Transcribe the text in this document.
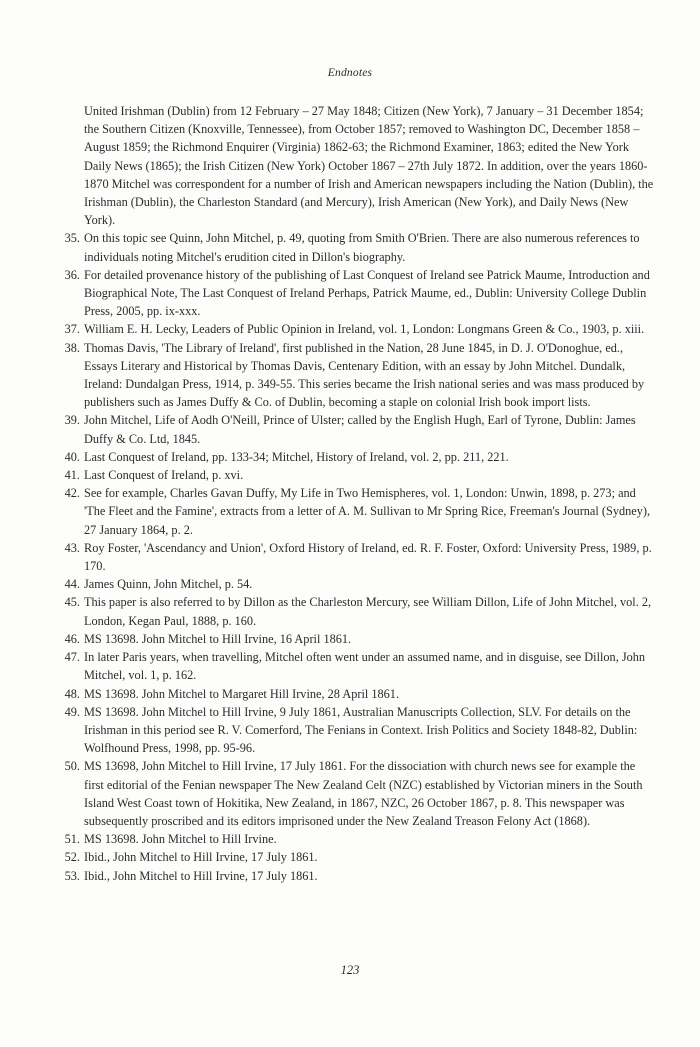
Endnotes
United Irishman (Dublin) from 12 February – 27 May 1848; Citizen (New York), 7 January – 31 December 1854; the Southern Citizen (Knoxville, Tennessee), from October 1857; removed to Washington DC, December 1858 – August 1859; the Richmond Enquirer (Virginia) 1862-63; the Richmond Examiner, 1863; edited the New York Daily News (1865); the Irish Citizen (New York) October 1867 – 27th July 1872. In addition, over the years 1860-1870 Mitchel was correspondent for a number of Irish and American newspapers including the Nation (Dublin), the Irishman (Dublin), the Charleston Standard (and Mercury), Irish American (New York), and Daily News (New York).
35. On this topic see Quinn, John Mitchel, p. 49, quoting from Smith O'Brien. There are also numerous references to individuals noting Mitchel's erudition cited in Dillon's biography.
36. For detailed provenance history of the publishing of Last Conquest of Ireland see Patrick Maume, Introduction and Biographical Note, The Last Conquest of Ireland Perhaps, Patrick Maume, ed., Dublin: University College Dublin Press, 2005, pp. ix-xxx.
37. William E. H. Lecky, Leaders of Public Opinion in Ireland, vol. 1, London: Longmans Green & Co., 1903, p. xiii.
38. Thomas Davis, 'The Library of Ireland', first published in the Nation, 28 June 1845, in D. J. O'Donoghue, ed., Essays Literary and Historical by Thomas Davis, Centenary Edition, with an essay by John Mitchel. Dundalk, Ireland: Dundalgan Press, 1914, p. 349-55. This series became the Irish national series and was mass produced by publishers such as James Duffy & Co. of Dublin, becoming a staple on colonial Irish book import lists.
39. John Mitchel, Life of Aodh O'Neill, Prince of Ulster; called by the English Hugh, Earl of Tyrone, Dublin: James Duffy & Co. Ltd, 1845.
40. Last Conquest of Ireland, pp. 133-34; Mitchel, History of Ireland, vol. 2, pp. 211, 221.
41. Last Conquest of Ireland, p. xvi.
42. See for example, Charles Gavan Duffy, My Life in Two Hemispheres, vol. 1, London: Unwin, 1898, p. 273; and 'The Fleet and the Famine', extracts from a letter of A. M. Sullivan to Mr Spring Rice, Freeman's Journal (Sydney), 27 January 1864, p. 2.
43. Roy Foster, 'Ascendancy and Union', Oxford History of Ireland, ed. R. F. Foster, Oxford: University Press, 1989, p. 170.
44. James Quinn, John Mitchel, p. 54.
45. This paper is also referred to by Dillon as the Charleston Mercury, see William Dillon, Life of John Mitchel, vol. 2, London, Kegan Paul, 1888, p. 160.
46. MS 13698. John Mitchel to Hill Irvine, 16 April 1861.
47. In later Paris years, when travelling, Mitchel often went under an assumed name, and in disguise, see Dillon, John Mitchel, vol. 1, p. 162.
48. MS 13698. John Mitchel to Margaret Hill Irvine, 28 April 1861.
49. MS 13698. John Mitchel to Hill Irvine, 9 July 1861, Australian Manuscripts Collection, SLV. For details on the Irishman in this period see R. V. Comerford, The Fenians in Context. Irish Politics and Society 1848-82, Dublin: Wolfhound Press, 1998, pp. 95-96.
50. MS 13698, John Mitchel to Hill Irvine, 17 July 1861. For the dissociation with church news see for example the first editorial of the Fenian newspaper The New Zealand Celt (NZC) established by Victorian miners in the South Island West Coast town of Hokitika, New Zealand, in 1867, NZC, 26 October 1867, p. 8. This newspaper was subsequently proscribed and its editors imprisoned under the New Zealand Treason Felony Act (1868).
51. MS 13698. John Mitchel to Hill Irvine.
52. Ibid., John Mitchel to Hill Irvine, 17 July 1861.
53. Ibid., John Mitchel to Hill Irvine, 17 July 1861.
123
